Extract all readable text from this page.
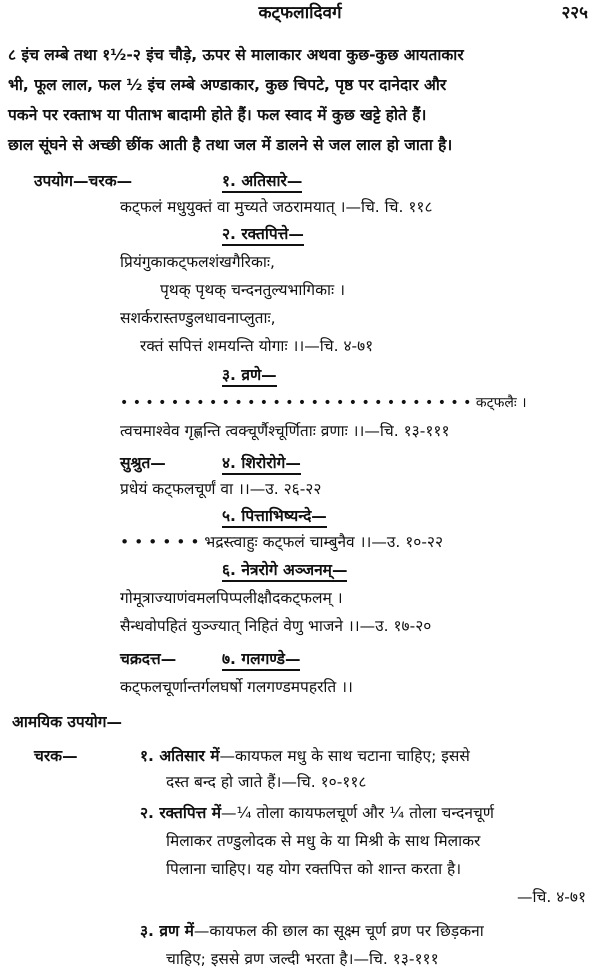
कट्फलादिवर्ग	२२५
८ इंच लम्बे तथा १½-२ इंच चौड़े, ऊपर से मालाकार अथवा कुछ-कुछ आयताकार
भी, फूल लाल, फल ½ इंच लम्बे अण्डाकार, कुछ चिपटे, पृष्ठ पर दानेदार और
पकने पर रक्ताभ या पीताभ बादामी होते हैं। फल स्वाद में कुछ खट्टे होते हैं।
छाल सूंघने से अच्छी छींक आती है तथा जल में डालने से जल लाल हो जाता है।
उपयोग—चरक—	१. अतिसारे—
कट्फलं मधुयुक्तं वा मुच्यते जठरामयात् ।—चि. चि. ११८
२. रक्तपित्ते—
प्रियंगुकाकट्फलशंखगैरिकाः,
पृथक् पृथक् चन्दनतुल्यभागिकाः ।
सशर्करास्तण्डुलधावनाप्लुताः,
रक्तं सपित्तं शमयन्ति योगाः ।।—चि. ४-७१
३. व्रणे—
• • • • • • • • • • • • • • • • • • • • • • • • • • • • कट्फलैः ।
त्वचमाश्वेव गृह्णन्ति त्वक्चूर्णैश्चूर्णिताः व्रणाः ।।—चि. १३-१११
सुश्रुत—	४. शिरोरोगे—
प्रधेयं कट्फलचूर्णं वा ।।—उ. २६-२२
५. पित्ताभिष्यन्दे—
• • • • • • भद्रस्त्वाहुः कट्फलं चाम्बुनैव ।।—उ. १०-२२
६. नेत्ररोगे अञ्जनम्—
गोमूत्राज्याणंवमलपिप्पलीक्षौदकट्फलम् ।
सैन्धवोपहितं युञ्ज्यात् निहितं वेणु भाजने ।।—उ. १७-२०
चक्रदत्त—	७. गलगण्डे—
कट्फलचूर्णान्तर्गलघर्षो गलगण्डमपहरति ।।
आमयिक उपयोग—
चरक—	१. अतिसार में—कायफल मधु के साथ चटाना चाहिए; इससे
दस्त बन्द हो जाते हैं।—चि. १०-११८
२. रक्तपित्त में—¼ तोला कायफलचूर्ण और ¼ तोला चन्दनचूर्ण
मिलाकर तण्डुलोदक से मधु के या मिश्री के साथ मिलाकर
पिलाना चाहिए। यह योग रक्तपित्त को शान्त करता है।
—चि. ४-७१
३. व्रण में—कायफल की छाल का सूक्ष्म चूर्ण व्रण पर छिड़कना
चाहिए; इससे व्रण जल्दी भरता है।—चि. १३-१११
